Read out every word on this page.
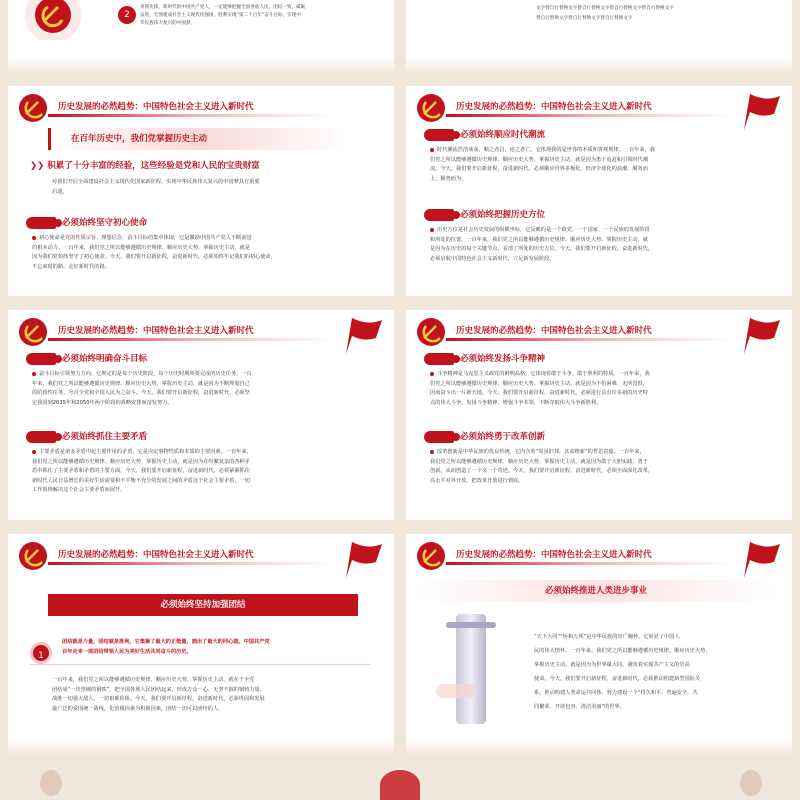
2
青援先锋，新时代的中国共产党人，一定能够把握全国各族人民，团结一致，砥砺
奋进，宏图建成社会主义现代化强国，胜利实现“第二个百年”奋斗目标，实现中
华民族伟大复兴的中国梦。
文字替自行替换文字替自行替换文字替自行替换文字替自行替换文字
替自行替换文字替自行替换文字替自行替换文字
历史发展的必然趋势：中国特色社会主义进入新时代
在百年历史中，我们党掌握历史主动
❯❯ 积累了十分丰富的经验，这些经验是党和人民的宝贵财富
对我们开启全面建设社会主义现代化国家新征程、实现中华民族伟大复兴的中国梦具有重要
启迪。
必须始终坚守初心使命
初心使命是党的性质宗旨、理想信念、奋斗目标的集中体现，它是激励中国共产党人不断前进
的根本动力。一百年来，我们党之所以能够遵循历史规律、顺应历史大势、掌握历史主动，就是
因为我们党始终坚守了初心使命。今天，我们要开启新征程，奋进新时代，必须始终牢记我们的初心使命，
不忘来时的路，走好新时代的路。
历史发展的必然趋势：中国特色社会主义进入新时代
必须始终顺应时代潮流
时代潮流浩浩荡荡，顺之者昌，逆之者亡。它体现我的是世界的本质和客观规律。一百年来，我
们党之所以能够遵循历史规律、顺应历史大势、掌握历史主动，就是因为勇于追赶和引领时代潮
流。今天，我们要开启新征程，奋进新时代，必须顺应世界多极化、经济全球化的浪潮，服务而
上，顺势而为。
必须始终把握历史方位
历史方位是社会历史发展的纵横坐标，它反映的是一个政党、一个国家、一个民族的发展阶段
和所处的位置。一百年来，我们党之所以能够遵循历史规律、顺应历史大势、掌握历史主动，就
是因为在历史的每个关键节点，看清了所处的历史方位。今天，我们要开启新征程，奋进新时代，
必须启航中国特色社会主义新时代，立足新发展阶段。
历史发展的必然趋势：中国特色社会主义进入新时代
必须始终明确奋斗目标
奋斗目标引领努力方向。它规定的是每个历史阶段，每个历史时期所要完成的历史任务，一百
年来，我们党之所以能够遵循历史规律、顺应历史大势、掌握历史主动，就是因为不断规划自己
的阶段性任务。号召全党和全国人民为之奋斗。今天，我们要开启新征程，奋进新时代，必须坚
定我国到2035年和2050年两个阶段的战略安排而奋发努力。
必须始终抓住主要矛盾
主要矛盾是诸多矛盾中起主要作用的矛盾，它是决定事物性质和本质的主要因素。一百年来，
我们党之所以能够遵循历史规律、顺应历史大势、掌握历史主动，就是因为在纷繁复杂的各种矛
盾中抓住了主要矛盾和矛盾的主要方面。今天，我们要开启新征程，奋进新时代，必须紧紧抓住
新时代人民日益增长的美好生活需要和不平衡不充分的发展之间的矛盾这个社会主要矛盾，一切
工作围绕解决这个社会主要矛盾而展开。
历史发展的必然趋势：中国特色社会主义进入新时代
必须始终发扬斗争精神
斗争精神是马克思主义政党的鲜明品格，它体现着敢于斗争、敢于胜利的特质。一百年来，我
们党之所以能够遵循历史规律、顺应历史大势、掌握历史主动，就是因为不怕困难、无所畏惧，
因而奋斗出一片新天地。今天，我们要开启新征程，奋进新时代，必须进行具有许多新的历史特
点的伟大斗争，发扬斗争精神，增强斗争本领，不断夺取伟大斗争新胜利。
必须始终勇于改革创新
改革创新是中华民族的优良传统，它内含着“周虽旧邦，其命维新”的哲思意蕴。一百年来，
我们党之所以能够遵循历史规律、顺应历史大势、掌握历史主动，就是因为敢于大胆实践，勇于
创新。从而创造了一个又一个奇迹。今天，我们要开启新征程，奋进新时代，必须全面深化改革，
高水平对外开放，把改革开放进行到底。
历史发展的必然趋势：中国特色社会主义进入新时代
必须始终坚持加强团结
1
团结就是力量，团结就是胜利，它集聚了最大的正能量，画出了最大的同心圆。中国共产党
百年走来一部团结带领人民为美好生活共同奋斗的历史。
一百年来，我们党之所以能够遵循历史规律、顺应历史大势、掌握历史主动，就在于全党
团结成“一块坚硬的钢铁”，把全国各族人民团结起来，形成万众一心、无坚不摧的钢铸力量，
战胜一切强大敌人、一切艰难险阻。今天，我们要开启新征程，奋进新时代，必须巩固和发展
最广泛的爱国统一战线，化消极因素为积极因素，团结一切可以团结的人。
历史发展的必然趋势：中国特色社会主义进入新时代
必须始终推进人类进步事业
“天下大同”“协和万邦”是中华民族的崇广胸怀，它彰显了中国人
民的伟大情怀。一百年来，我们党之所以能够遵循历史规律、顺应历史大势、
掌握历史主动，就是因为为世界谋大同，满负着实现共产主义的崇高
使命。今天，我们要开启新征程，奋进新时代，必须推动构建新型国际关
系，推动构建人类命运共同体，努力建设一个“持久和平、普遍安全、共
同繁荣、开放包容、清洁美丽”的世界。
